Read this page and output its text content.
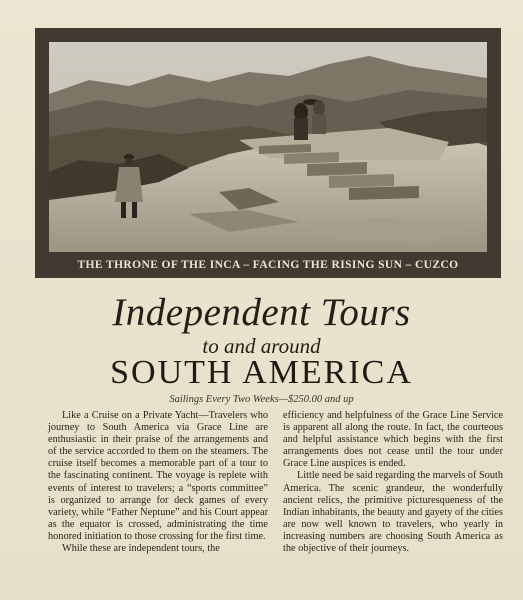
THE THRONE OF THE INCA – FACING THE RISING SUN – CUZCO
Independent Tours
to and around
SOUTH AMERICA
Sailings Every Two Weeks—$250.00 and up

Like a Cruise on a Private Yacht—Travelers who journey to South America via Grace Line are enthusiastic in their praise of the arrangements and of the service accorded to them on the steamers. The cruise itself becomes a memorable part of a tour to the fascinating continent. The voyage is replete with events of interest to travelers; a “sports committee” is organized to arrange for deck games of every variety, while “Father Neptune” and his Court appear as the equator is crossed, administrating the time honored initiation to those crossing for the first time.

While these are independent tours, the

efficiency and helpfulness of the Grace Line Service is apparent all along the route. In fact, the courteous and helpful assistance which begins with the first arrangements does not cease until the tour under Grace Line auspices is ended.

Little need be said regarding the marvels of South America. The scenic grandeur, the wonderfully ancient relics, the primitive picturesqueness of the Indian inhabitants, the beauty and gayety of the cities are now well known to travelers, who yearly in increasing numbers are choosing South America as the objective of their journeys.
